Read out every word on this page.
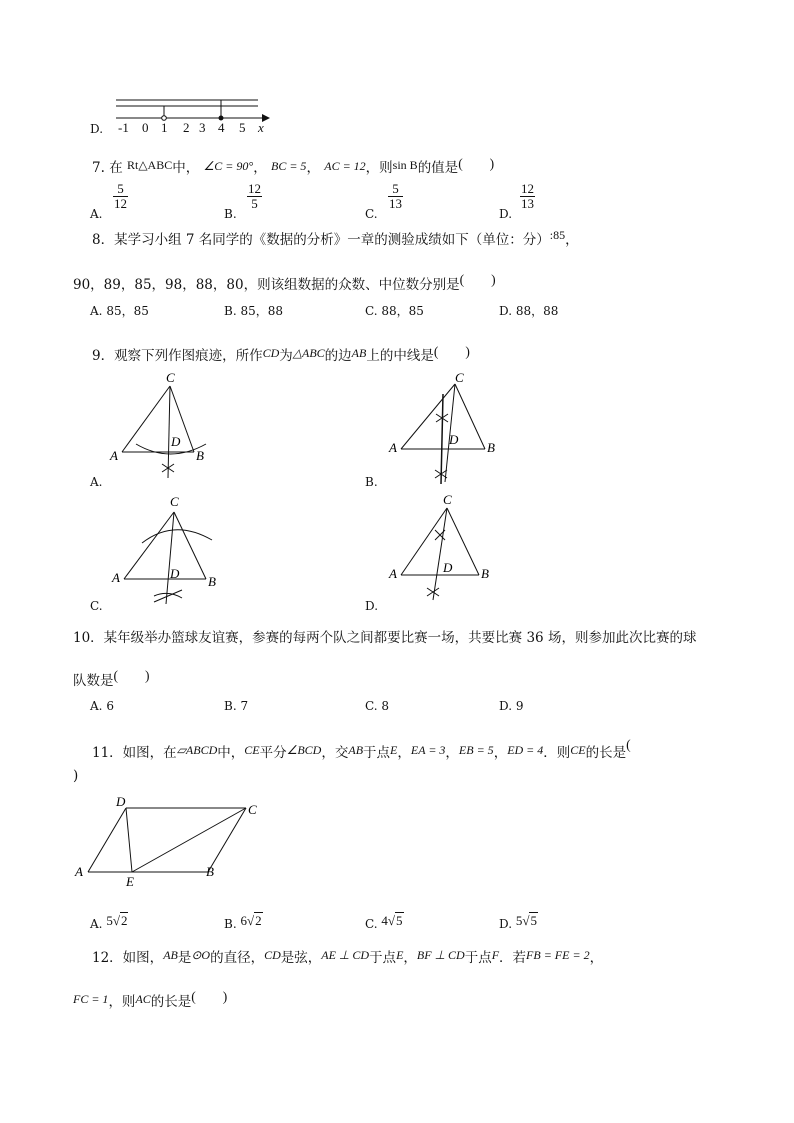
D. -1 0 1 2 3 4 5 x
7. 在 Rt△ABC中， ∠C = 90°， BC = 5， AC = 12，则sin B的值是(　　)
A.
$\frac{5}{12}$
B.
$\frac{12}{5}$
C.
$\frac{5}{13}$
D.
$\frac{12}{13}$
8．某学习小组 7 名同学的《数据的分析》一章的测验成绩如下（单位：分）:85，
90，89，85，98，88，80，则该组数据的众数、中位数分别是(　　)
A. 85，85	B. 85，88	C. 88，85	D. 88，88
9．观察下列作图痕迹，所作CD为△ABC的边AB上的中线是(　　)
C
A	B
D
A.
C
A	B
D
B.
C
A	B
D
C.
C
A	B
D
D.
10．某年级举办篮球友谊赛，参赛的每两个队之间都要比赛一场，共要比赛 36 场，则参加此次比赛的球
队数是(　　)
A. 6	B. 7	C. 8	D. 9
11．如图，在▱ABCD中，CE平分∠BCD，交AB于点E，EA = 3，EB = 5，ED = 4．则CE的长是(
)
D
C
A
E
B
A. 5√2	B. 6√2	C. 4√5	D. 5√5
12．如图，AB是⊙O的直径，CD是弦，AE ⊥ CD于点E，BF ⊥ CD于点F．若FB = FE = 2，
FC = 1，则AC的长是(　　)
